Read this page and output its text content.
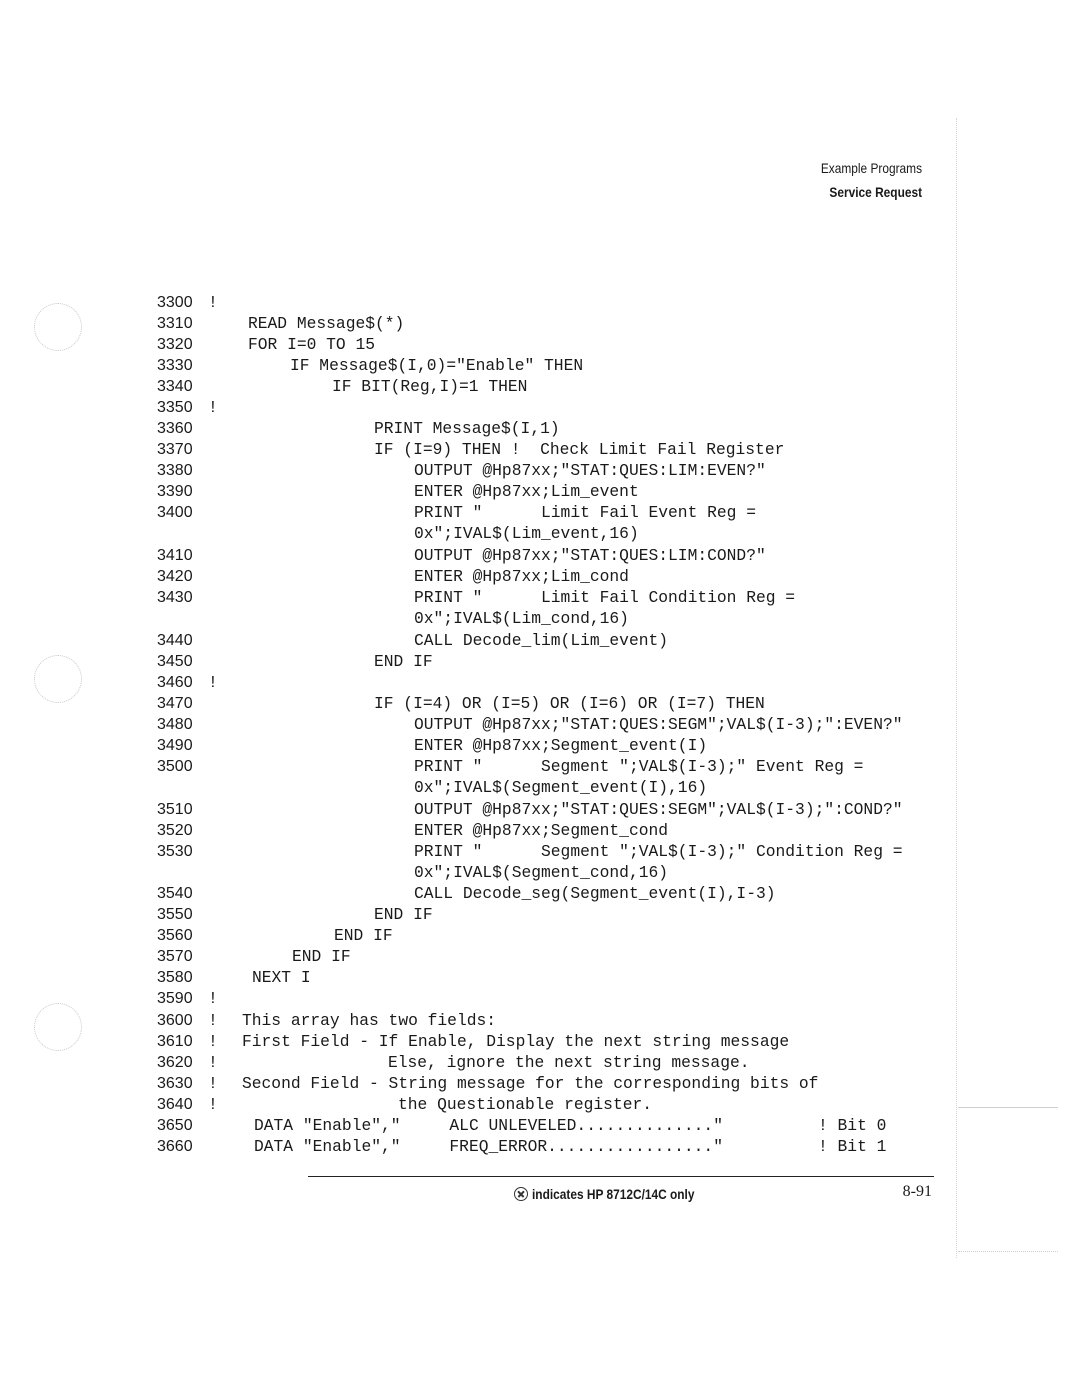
Example Programs
Service Request
3300 !
3310	READ Message$(*)
3320	FOR I=0 TO 15
3330	IF Message$(I,0)="Enable" THEN
3340	IF BIT(Reg,I)=1 THEN
3350 !
3360	PRINT Message$(I,1)
3370	IF (I=9) THEN !  Check Limit Fail Register
3380	OUTPUT @Hp87xx;"STAT:QUES:LIM:EVEN?"
3390	ENTER @Hp87xx;Lim_event
3400	PRINT "      Limit Fail Event Reg =
0x";IVAL$(Lim_event,16)
3410	OUTPUT @Hp87xx;"STAT:QUES:LIM:COND?"
3420	ENTER @Hp87xx;Lim_cond
3430	PRINT "      Limit Fail Condition Reg =
0x";IVAL$(Lim_cond,16)
3440	CALL Decode_lim(Lim_event)
3450	END IF
3460 !
3470	IF (I=4) OR (I=5) OR (I=6) OR (I=7) THEN
3480	OUTPUT @Hp87xx;"STAT:QUES:SEGM";VAL$(I-3);":EVEN?"
3490	ENTER @Hp87xx;Segment_event(I)
3500	PRINT "      Segment ";VAL$(I-3);" Event Reg =
0x";IVAL$(Segment_event(I),16)
3510	OUTPUT @Hp87xx;"STAT:QUES:SEGM";VAL$(I-3);":COND?"
3520	ENTER @Hp87xx;Segment_cond
3530	PRINT "      Segment ";VAL$(I-3);" Condition Reg =
0x";IVAL$(Segment_cond,16)
3540	CALL Decode_seg(Segment_event(I),I-3)
3550	END IF
3560	END IF
3570	END IF
3580	NEXT I
3590 !
3600 ! This array has two fields:
3610 ! First Field - If Enable, Display the next string message
3620 !	Else, ignore the next string message.
3630 ! Second Field - String message for the corresponding bits of
3640 !	the Questionable register.
3650	DATA "Enable","     ALC UNLEVELED.............."	! Bit 0
3660	DATA "Enable","     FREQ_ERROR................."	! Bit 1
indicates HP 8712C/14C only	8-91
